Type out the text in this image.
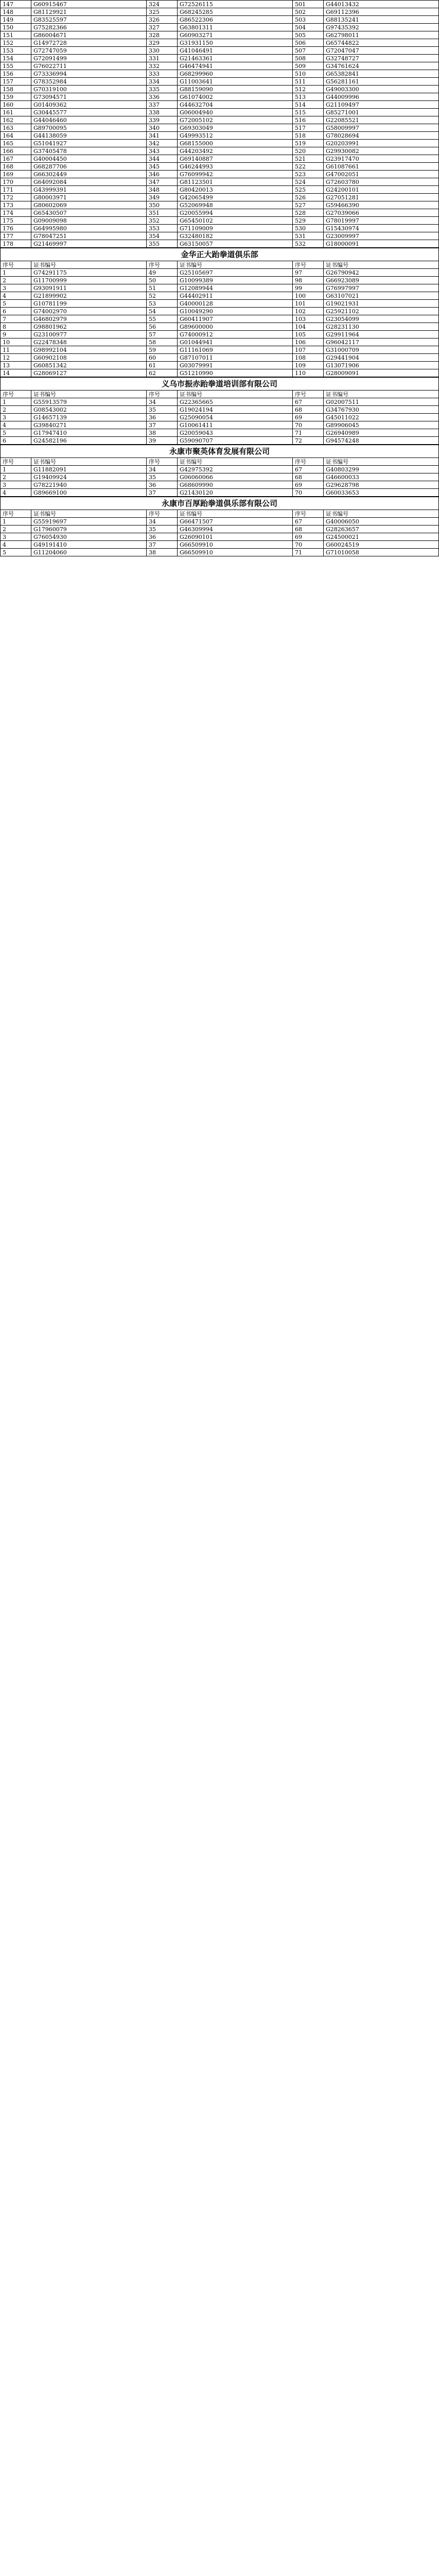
147	G60915467	324	G72526115	501	G44013432
148	G81129921	325	G68245285	502	G69112396
149	G83525597	326	G86522306	503	G88135241
150	G75282366	327	G63801311	504	G97435392
151	G86004671	328	G60903271	505	G62798011
152	G14972728	329	G31931150	506	G65744822
153	G72747059	330	G41046491	507	G72047047
154	G72091499	331	G21463361	508	G32748727
155	G76022711	332	G46474941	509	G34761624
156	G73336994	333	G68299960	510	G65382841
157	G78352984	334	G11003641	511	G56281161
158	G70319100	335	G88159090	512	G49003300
159	G73094571	336	G61074002	513	G44009996
160	G01409362	337	G44632704	514	G21109497
161	G30445577	338	G06004940	515	G85271001
162	G44046460	339	G72005102	516	G22085521
163	G89700095	340	G69303049	517	G58009997
164	G44138059	341	G49993512	518	G78028694
165	G51041927	342	G68155000	519	G20203991
166	G37405478	343	G44203492	520	G29930082
167	G40004450	344	G69140887	521	G23917470
168	G68287706	345	G46244993	522	G61087661
169	G66302449	346	G76099942	523	G47002051
170	G64092084	347	G81123501	524	G72603780
171	G43999391	348	G80420013	525	G24200101
172	G80003971	349	G42065499	526	G27051281
173	G80602069	350	G52069948	527	G59466390
174	G65430507	351	G20055994	528	G27039066
175	G09009098	352	G65450102	529	G78019997
176	G64995980	353	G71109009	530	G15430974
177	G78047251	354	G32480182	531	G23009997
178	G21469997	355	G63150057	532	G18000091
金华正大跆拳道俱乐部
序号	证书编号	序号	证书编号	序号	证书编号
1	G74291175	49	G25105697	97	G26790942
2	G11700999	50	G10099389	98	G66923089
3	G93091911	51	G12089944	99	G76997997
4	G21899902	52	G44402911	100	G63107021
5	G10781199	53	G40000128	101	G19021931
6	G74002970	54	G10049290	102	G25921102
7	G46802979	55	G60411907	103	G23054099
8	G98801962	56	G89600000	104	G28231130
9	G23100977	57	G74000912	105	G29911964
10	G22478348	58	G01044941	106	G96042117
11	G98992104	59	G11161069	107	G31000709
12	G60902108	60	G87107011	108	G29441904
13	G60851342	61	G03079991	109	G13071906
14	G28069127	62	G51210990	110	G28009091
义乌市振赤跆拳道培训部有限公司
序号	证书编号	序号	证书编号	序号	证书编号
1	G55913579	34	G22365665	67	G02007511
2	G08543002	35	G19024194	68	G34767930
3	G14657139	36	G25090054	69	G45011022
4	G39840271	37	G10061411	70	G89906045
5	G17947410	38	G20059043	71	G26940989
6	G24582196	39	G59090707	72	G94574248
永康市聚英体育发展有限公司
序号	证书编号	序号	证书编号	序号	证书编号
1	G11882091	34	G42975392	67	G40803299
2	G19409924	35	G06060066	68	G46600033
3	G78221940	36	G68609990	69	G29628798
4	G89669100	37	G21430120	70	G60033653
永康市百厚跆拳道俱乐部有限公司
序号	证书编号	序号	证书编号	序号	证书编号
1	G55919697	34	G66471507	67	G40006050
2	G17960079	35	G46309994	68	G28263657
3	G76054930	36	G26090101	69	G24500021
4	G49191410	37	G66509910	70	G60024519
5	G11204060	38	G66509910	71	G71010058
